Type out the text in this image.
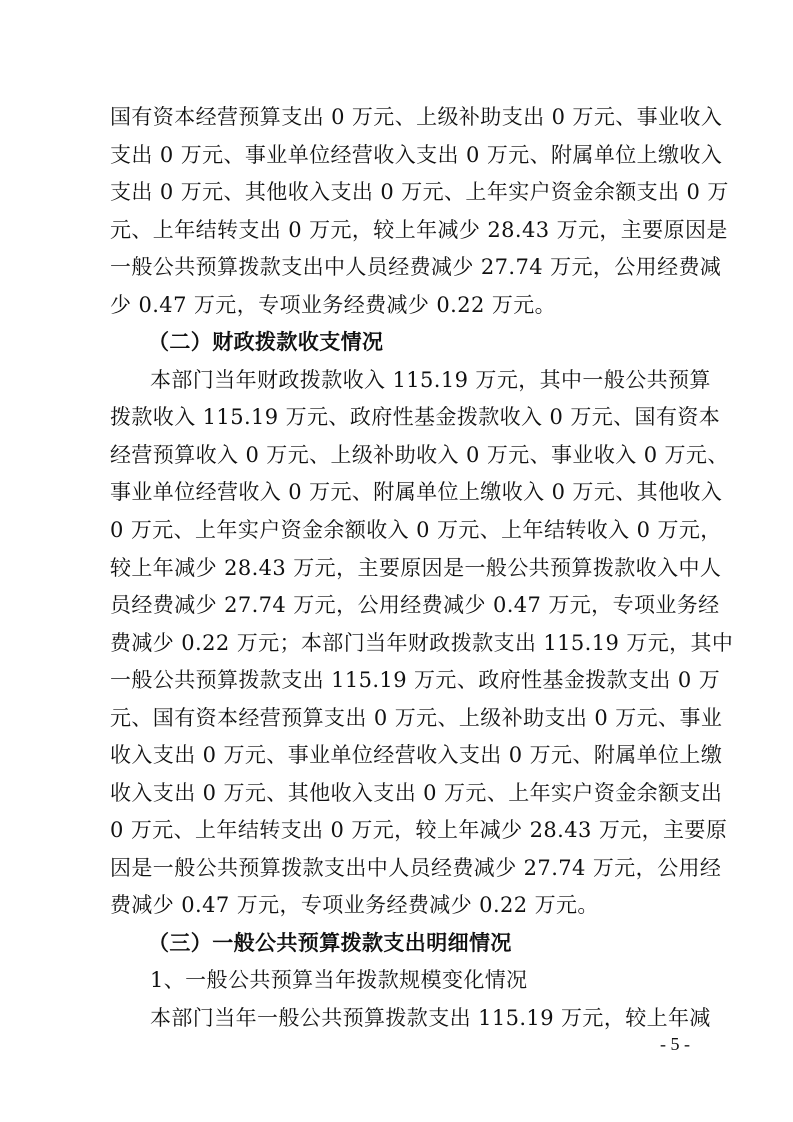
国有资本经营预算支出 0 万元、上级补助支出 0 万元、事业收入
支出 0 万元、事业单位经营收入支出 0 万元、附属单位上缴收入
支出 0 万元、其他收入支出 0 万元、上年实户资金余额支出 0 万
元、上年结转支出 0 万元，较上年减少 28.43 万元，主要原因是
一般公共预算拨款支出中人员经费减少 27.74 万元，公用经费减
少 0.47 万元，专项业务经费减少 0.22 万元。
（二）财政拨款收支情况
本部门当年财政拨款收入 115.19 万元，其中一般公共预算
拨款收入 115.19 万元、政府性基金拨款收入 0 万元、国有资本
经营预算收入 0 万元、上级补助收入 0 万元、事业收入 0 万元、
事业单位经营收入 0 万元、附属单位上缴收入 0 万元、其他收入
0 万元、上年实户资金余额收入 0 万元、上年结转收入 0 万元，
较上年减少 28.43 万元，主要原因是一般公共预算拨款收入中人
员经费减少 27.74 万元，公用经费减少 0.47 万元，专项业务经
费减少 0.22 万元；本部门当年财政拨款支出 115.19 万元，其中
一般公共预算拨款支出 115.19 万元、政府性基金拨款支出 0 万
元、国有资本经营预算支出 0 万元、上级补助支出 0 万元、事业
收入支出 0 万元、事业单位经营收入支出 0 万元、附属单位上缴
收入支出 0 万元、其他收入支出 0 万元、上年实户资金余额支出
0 万元、上年结转支出 0 万元，较上年减少 28.43 万元，主要原
因是一般公共预算拨款支出中人员经费减少 27.74 万元，公用经
费减少 0.47 万元，专项业务经费减少 0.22 万元。
（三）一般公共预算拨款支出明细情况
1、一般公共预算当年拨款规模变化情况
本部门当年一般公共预算拨款支出 115.19 万元，较上年减
- 5 -
